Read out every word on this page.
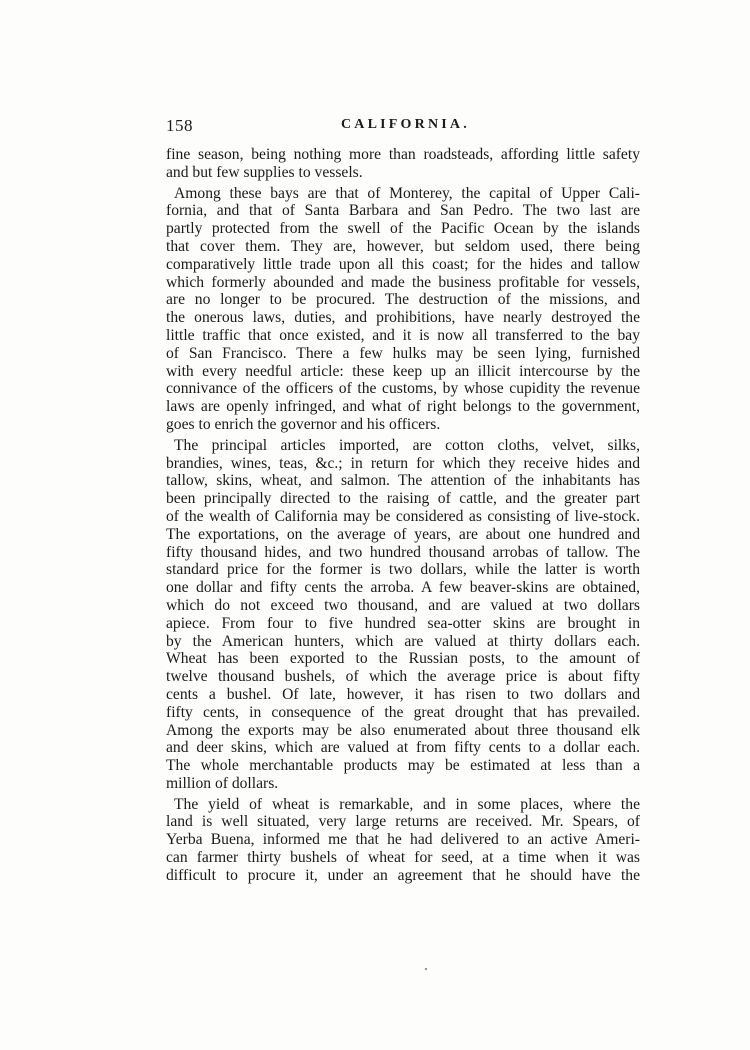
158	CALIFORNIA.

fine season, being nothing more than roadsteads, affording little safety
and but few supplies to vessels.

Among these bays are that of Monterey, the capital of Upper Cali-
fornia, and that of Santa Barbara and San Pedro. The two last are
partly protected from the swell of the Pacific Ocean by the islands
that cover them. They are, however, but seldom used, there being
comparatively little trade upon all this coast; for the hides and tallow
which formerly abounded and made the business profitable for vessels,
are no longer to be procured. The destruction of the missions, and
the onerous laws, duties, and prohibitions, have nearly destroyed the
little traffic that once existed, and it is now all transferred to the bay
of San Francisco. There a few hulks may be seen lying, furnished
with every needful article: these keep up an illicit intercourse by the
connivance of the officers of the customs, by whose cupidity the revenue
laws are openly infringed, and what of right belongs to the government,
goes to enrich the governor and his officers.

The principal articles imported, are cotton cloths, velvet, silks,
brandies, wines, teas, &c.; in return for which they receive hides and
tallow, skins, wheat, and salmon. The attention of the inhabitants has
been principally directed to the raising of cattle, and the greater part
of the wealth of California may be considered as consisting of live-stock.
The exportations, on the average of years, are about one hundred and
fifty thousand hides, and two hundred thousand arrobas of tallow. The
standard price for the former is two dollars, while the latter is worth
one dollar and fifty cents the arroba. A few beaver-skins are obtained,
which do not exceed two thousand, and are valued at two dollars
apiece. From four to five hundred sea-otter skins are brought in
by the American hunters, which are valued at thirty dollars each.
Wheat has been exported to the Russian posts, to the amount of
twelve thousand bushels, of which the average price is about fifty
cents a bushel. Of late, however, it has risen to two dollars and
fifty cents, in consequence of the great drought that has prevailed.
Among the exports may be also enumerated about three thousand elk
and deer skins, which are valued at from fifty cents to a dollar each.
The whole merchantable products may be estimated at less than a
million of dollars.

The yield of wheat is remarkable, and in some places, where the
land is well situated, very large returns are received. Mr. Spears, of
Yerba Buena, informed me that he had delivered to an active Ameri-
can farmer thirty bushels of wheat for seed, at a time when it was
difficult to procure it, under an agreement that he should have the
